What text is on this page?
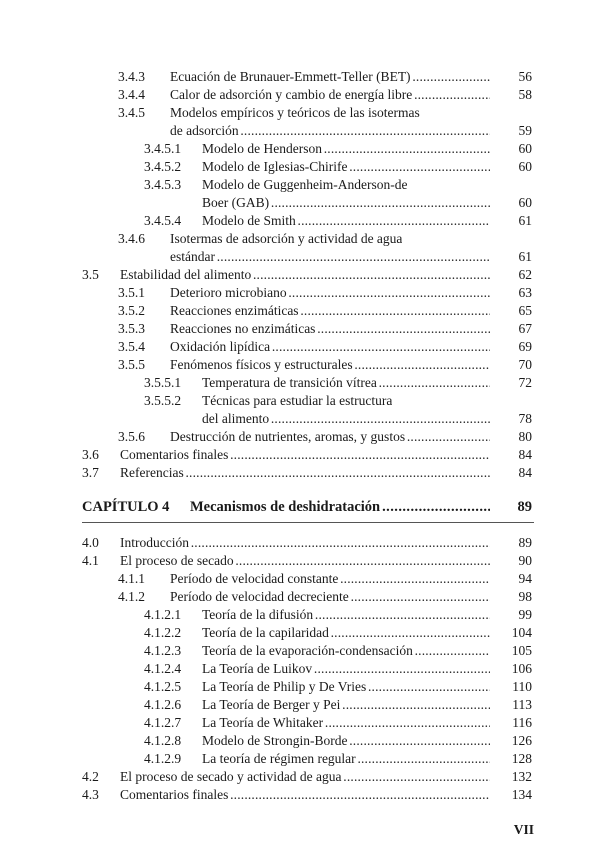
3.4.3 Ecuación de Brunauer-Emmett-Teller (BET) . . .	56
3.4.4 Calor de adsorción y cambio de energía libre . . .	58
3.4.5 Modelos empíricos y teóricos de las isotermas
de adsorción . . .	59
3.4.5.1 Modelo de Henderson . . .	60
3.4.5.2 Modelo de Iglesias-Chirife . . .	60
3.4.5.3 Modelo de Guggenheim-Anderson-de
Boer (GAB) . . .	60
3.4.5.4 Modelo de Smith . . .	61
3.4.6 Isotermas de adsorción y actividad de agua
estándar . . .	61
3.5 Estabilidad del alimento . . .	62
3.5.1 Deterioro microbiano . . .	63
3.5.2 Reacciones enzimáticas . . .	65
3.5.3 Reacciones no enzimáticas . . .	67
3.5.4 Oxidación lipídica . . .	69
3.5.5 Fenómenos físicos y estructurales . . .	70
3.5.5.1 Temperatura de transición vítrea . . .	72
3.5.5.2 Técnicas para estudiar la estructura
del alimento . . .	78
3.5.6 Destrucción de nutrientes, aromas, y gustos . . .	80
3.6 Comentarios finales . . .	84
3.7 Referencias . . .	84
CAPÍTULO 4 Mecanismos de deshidratación . . .	89
4.0 Introducción . . .	89
4.1 El proceso de secado . . .	90
4.1.1 Período de velocidad constante . . .	94
4.1.2 Período de velocidad decreciente . . .	98
4.1.2.1 Teoría de la difusión . . .	99
4.1.2.2 Teoría de la capilaridad . . .	104
4.1.2.3 Teoría de la evaporación-condensación . . .	105
4.1.2.4 La Teoría de Luikov . . .	106
4.1.2.5 La Teoría de Philip y De Vries . . .	110
4.1.2.6 La Teoría de Berger y Pei . . .	113
4.1.2.7 La Teoría de Whitaker . . .	116
4.1.2.8 Modelo de Strongin-Borde . . .	126
4.1.2.9 La teoría de régimen regular . . .	128
4.2 El proceso de secado y actividad de agua . . .	132
4.3 Comentarios finales . . .	134
VII
